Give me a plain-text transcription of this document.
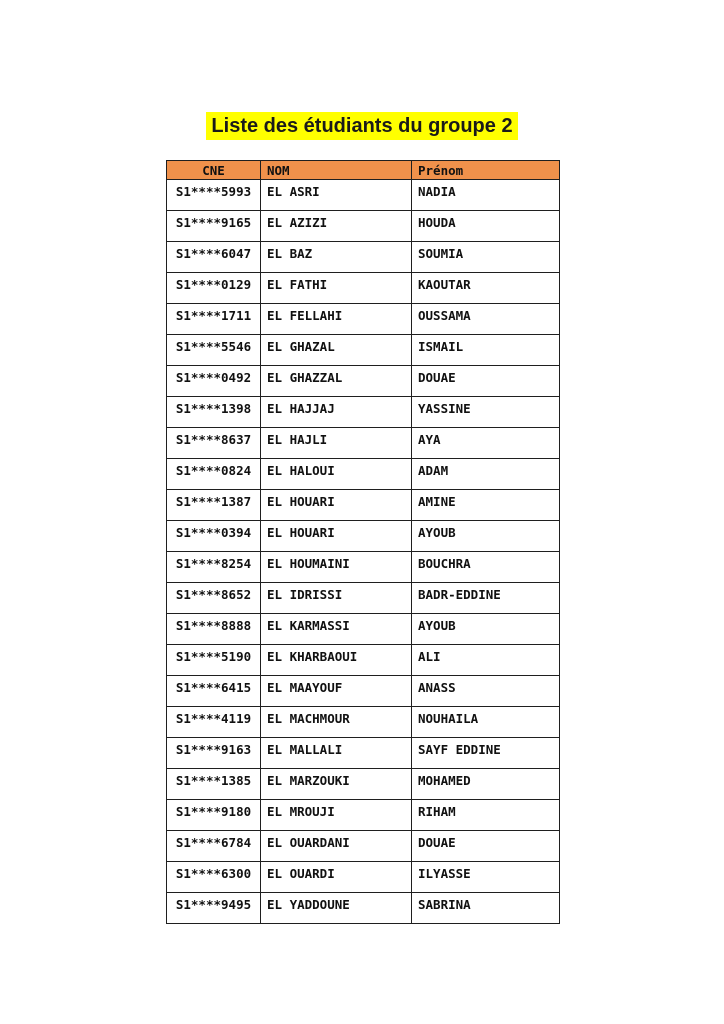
Liste des étudiants du groupe 2
CNE	NOM	Prénom
S1****5993	EL ASRI	NADIA
S1****9165	EL AZIZI	HOUDA
S1****6047	EL BAZ	SOUMIA
S1****0129	EL FATHI	KAOUTAR
S1****1711	EL FELLAHI	OUSSAMA
S1****5546	EL GHAZAL	ISMAIL
S1****0492	EL GHAZZAL	DOUAE
S1****1398	EL HAJJAJ	YASSINE
S1****8637	EL HAJLI	AYA
S1****0824	EL HALOUI	ADAM
S1****1387	EL HOUARI	AMINE
S1****0394	EL HOUARI	AYOUB
S1****8254	EL HOUMAINI	BOUCHRA
S1****8652	EL IDRISSI	BADR-EDDINE
S1****8888	EL KARMASSI	AYOUB
S1****5190	EL KHARBAOUI	ALI
S1****6415	EL MAAYOUF	ANASS
S1****4119	EL MACHMOUR	NOUHAILA
S1****9163	EL MALLALI	SAYF EDDINE
S1****1385	EL MARZOUKI	MOHAMED
S1****9180	EL MROUJI	RIHAM
S1****6784	EL OUARDANI	DOUAE
S1****6300	EL OUARDI	ILYASSE
S1****9495	EL YADDOUNE	SABRINA
